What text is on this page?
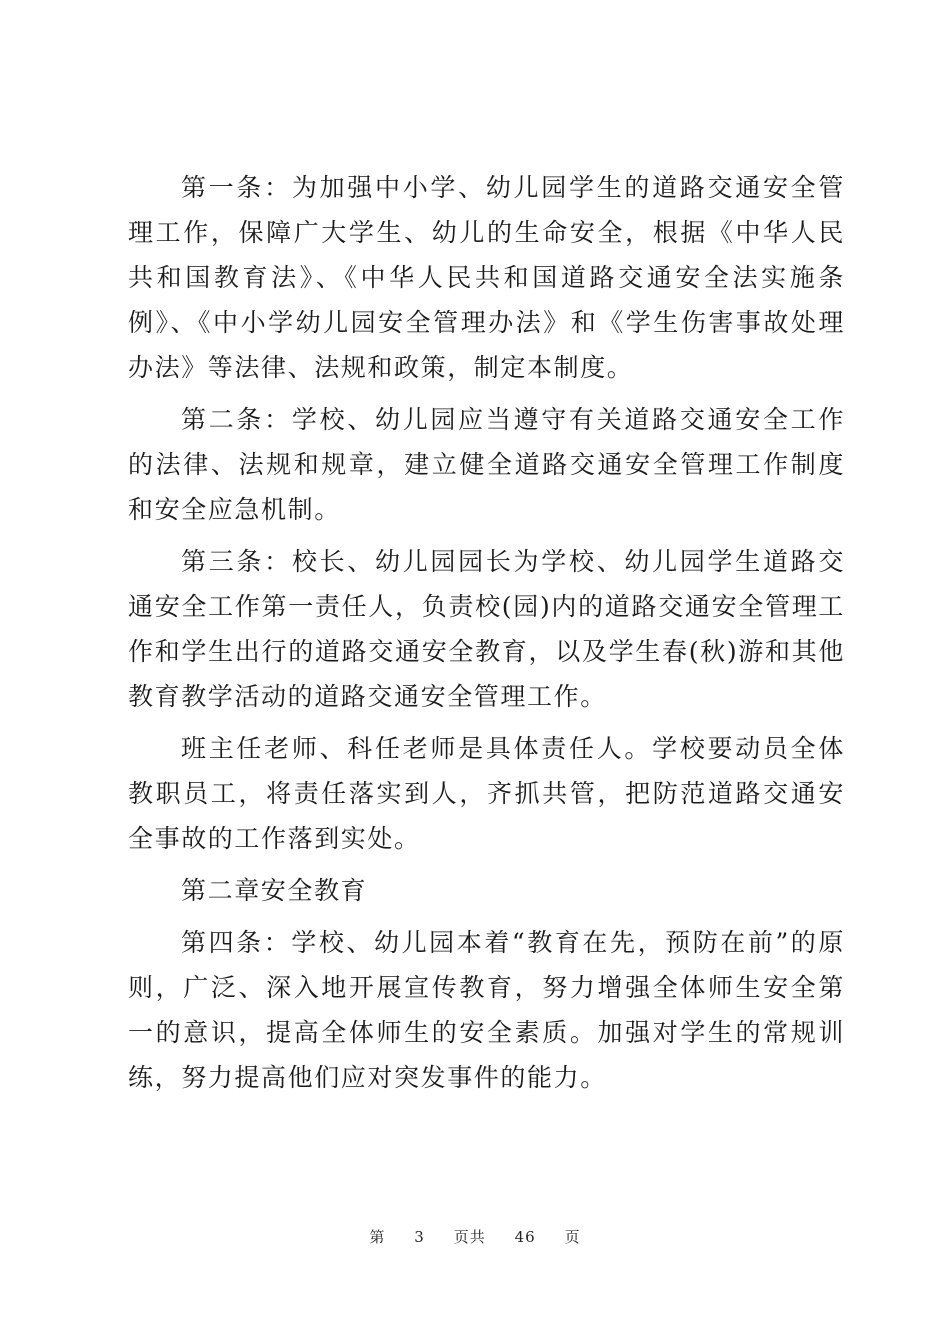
第一条：为加强中小学、幼儿园学生的道路交通安全管理工作，保障广大学生、幼儿的生命安全，根据《中华人民共和国教育法》、《中华人民共和国道路交通安全法实施条例》、《中小学幼儿园安全管理办法》和《学生伤害事故处理办法》等法律、法规和政策，制定本制度。

第二条：学校、幼儿园应当遵守有关道路交通安全工作的法律、法规和规章，建立健全道路交通安全管理工作制度和安全应急机制。

第三条：校长、幼儿园园长为学校、幼儿园学生道路交通安全工作第一责任人，负责校(园)内的道路交通安全管理工作和学生出行的道路交通安全教育，以及学生春(秋)游和其他教育教学活动的道路交通安全管理工作。

班主任老师、科任老师是具体责任人。学校要动员全体教职员工，将责任落实到人，齐抓共管，把防范道路交通安全事故的工作落到实处。

第二章安全教育

第四条：学校、幼儿园本着“教育在先，预防在前”的原则，广泛、深入地开展宣传教育，努力增强全体师生安全第一的意识，提高全体师生的安全素质。加强对学生的常规训练，努力提高他们应对突发事件的能力。

第 3 页共 46 页
